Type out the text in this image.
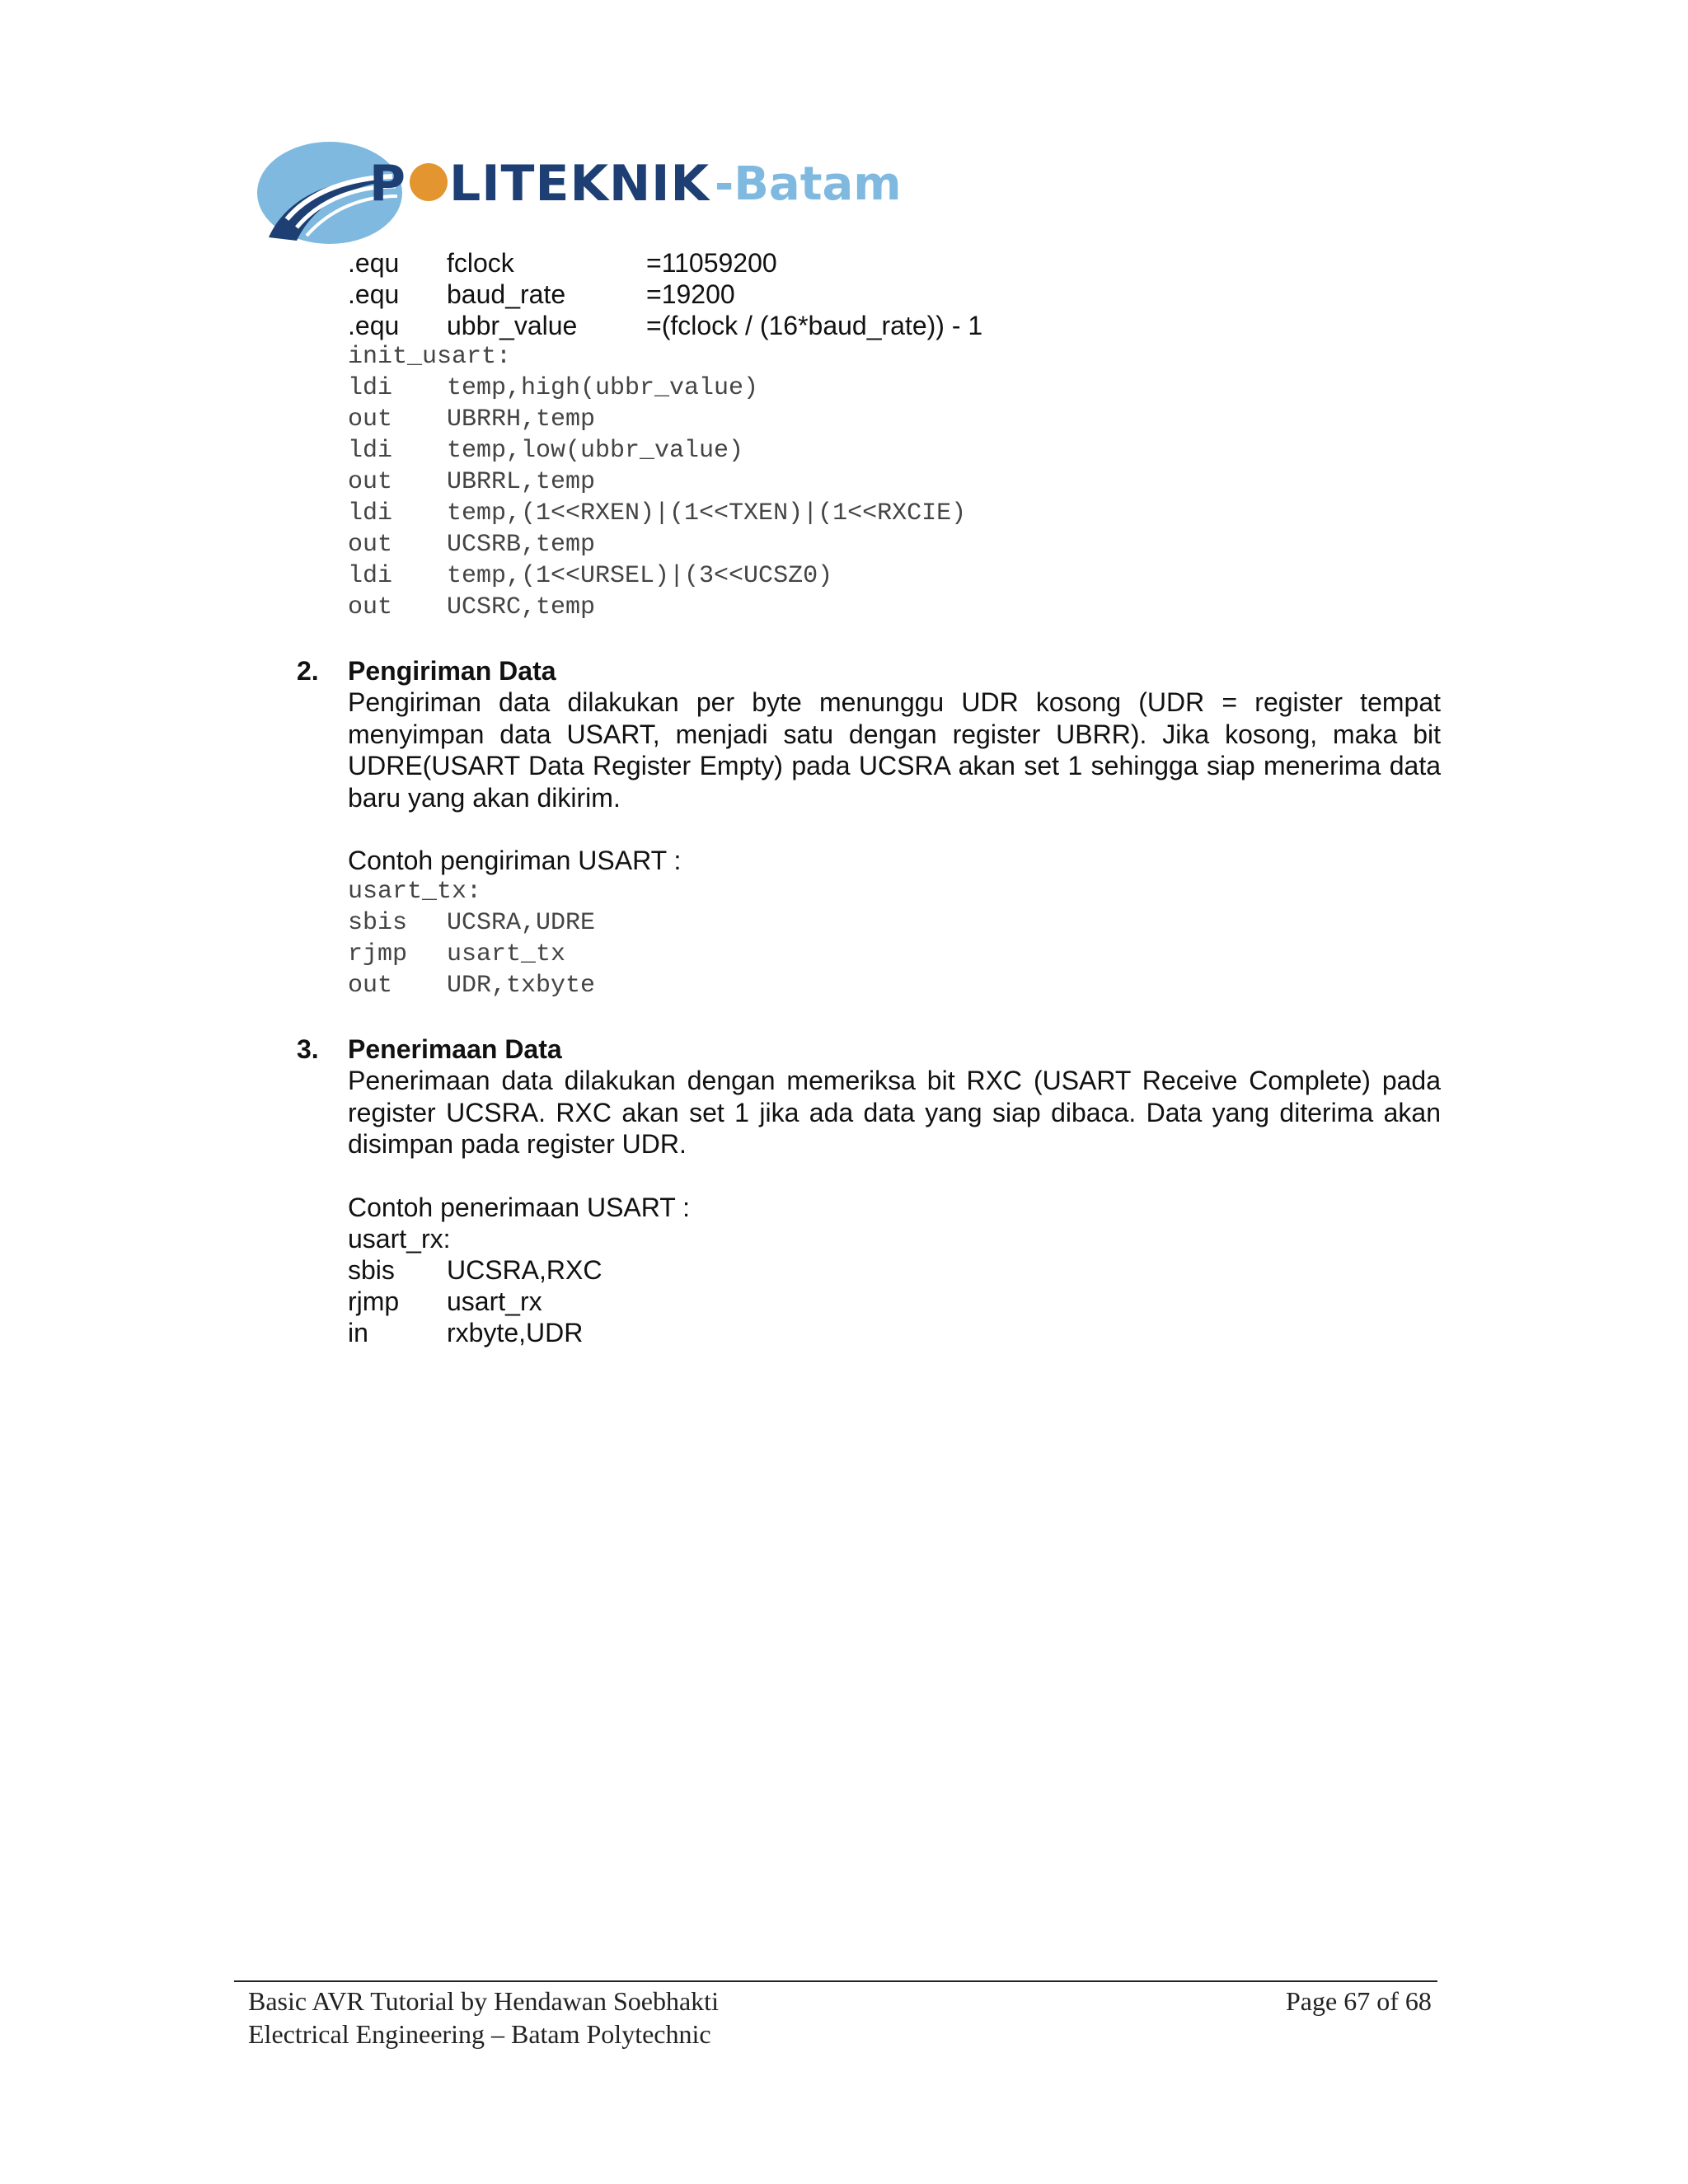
P LITEKNIK -Batam
.equ fclock	=11059200
.equ baud_rate	=19200
.equ ubbr_value	=(fclock / (16*baud_rate)) - 1
init_usart:
ldi temp,high(ubbr_value)
out UBRRH,temp
ldi temp,low(ubbr_value)
out UBRRL,temp
ldi temp,(1<<RXEN)|(1<<TXEN)|(1<<RXCIE)
out UCSRB,temp
ldi temp,(1<<URSEL)|(3<<UCSZ0)
out UCSRC,temp
2. Pengiriman Data
Pengiriman data dilakukan per byte menunggu UDR kosong (UDR = register tempat menyimpan data USART, menjadi satu dengan register UBRR). Jika kosong, maka bit UDRE(USART Data Register Empty) pada UCSRA akan set 1 sehingga siap menerima data baru yang akan dikirim.
Contoh pengiriman USART :
usart_tx:
sbis UCSRA,UDRE
rjmp usart_tx
out UDR,txbyte
3. Penerimaan Data
Penerimaan data dilakukan dengan memeriksa bit RXC (USART Receive Complete) pada register UCSRA. RXC akan set 1 jika ada data yang siap dibaca. Data yang diterima akan disimpan pada register UDR.
Contoh penerimaan USART :
usart_rx:
sbis UCSRA,RXC
rjmp usart_rx
in	rxbyte,UDR
Basic AVR Tutorial by Hendawan Soebhakti
Electrical Engineering – Batam Polytechnic
Page 67 of 68
